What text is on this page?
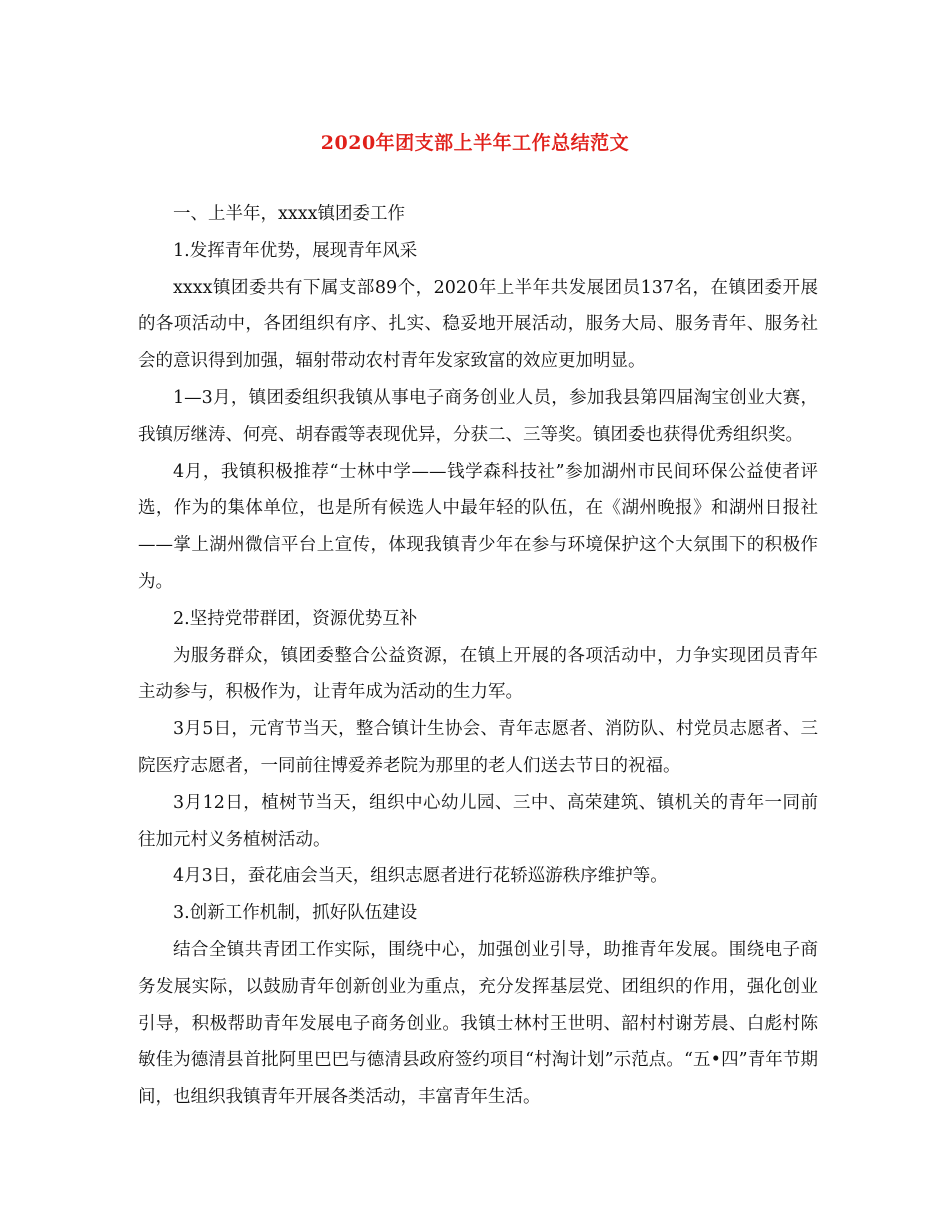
2020年团支部上半年工作总结范文

一、上半年，xxxx镇团委工作

1.发挥青年优势，展现青年风采

xxxx镇团委共有下属支部89个，2020年上半年共发展团员137名，在镇团委开展的各项活动中，各团组织有序、扎实、稳妥地开展活动，服务大局、服务青年、服务社会的意识得到加强，辐射带动农村青年发家致富的效应更加明显。

1—3月，镇团委组织我镇从事电子商务创业人员，参加我县第四届淘宝创业大赛，我镇厉继涛、何亮、胡春霞等表现优异，分获二、三等奖。镇团委也获得优秀组织奖。

4月，我镇积极推荐“士林中学——钱学森科技社”参加湖州市民间环保公益使者评选，作为的集体单位，也是所有候选人中最年轻的队伍，在《湖州晚报》和湖州日报社——掌上湖州微信平台上宣传，体现我镇青少年在参与环境保护这个大氛围下的积极作为。

2.坚持党带群团，资源优势互补

为服务群众，镇团委整合公益资源，在镇上开展的各项活动中，力争实现团员青年主动参与，积极作为，让青年成为活动的生力军。

3月5日，元宵节当天，整合镇计生协会、青年志愿者、消防队、村党员志愿者、三院医疗志愿者，一同前往博爱养老院为那里的老人们送去节日的祝福。

3月12日，植树节当天，组织中心幼儿园、三中、高荣建筑、镇机关的青年一同前往加元村义务植树活动。

4月3日，蚕花庙会当天，组织志愿者进行花轿巡游秩序维护等。

3.创新工作机制，抓好队伍建设

结合全镇共青团工作实际，围绕中心，加强创业引导，助推青年发展。围绕电子商务发展实际，以鼓励青年创新创业为重点，充分发挥基层党、团组织的作用，强化创业引导，积极帮助青年发展电子商务创业。我镇士林村王世明、韶村村谢芳晨、白彪村陈敏佳为德清县首批阿里巴巴与德清县政府签约项目“村淘计划”示范点。“五•四”青年节期间，也组织我镇青年开展各类活动，丰富青年生活。
